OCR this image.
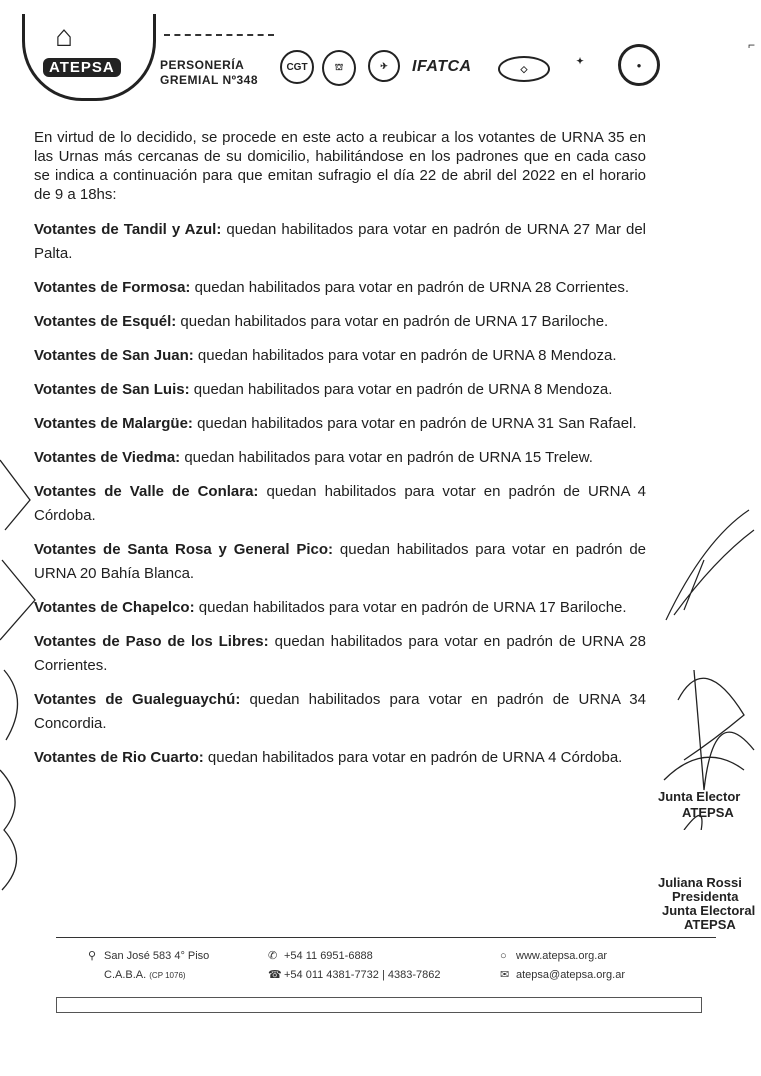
⌂
ATEPSA	PERSONERÍA
GREMIAL Nº348
CGT	⛫	✈	IFATCA	◇
✦	●
⌐

En virtud de lo decidido, se procede en este acto a reubicar a los votantes de URNA 35 en las Urnas más cercanas de su domicilio, habilitándose en los padrones que en cada caso se indica a continuación para que emitan sufragio el día 22 de abril del 2022 en el horario de 9 a 18hs:

Votantes de Tandil y Azul: quedan habilitados para votar en padrón de URNA 27 Mar del Palta.

Votantes de Formosa: quedan habilitados para votar en padrón de URNA 28 Corrientes.

Votantes de Esquél: quedan habilitados para votar en padrón de URNA 17 Bariloche.

Votantes de San Juan: quedan habilitados para votar en padrón de URNA 8 Mendoza.

Votantes de San Luis: quedan habilitados para votar en padrón de URNA 8 Mendoza.

Votantes de Malargüe: quedan habilitados para votar en padrón de URNA 31 San Rafael.

Votantes de Viedma: quedan habilitados para votar en padrón de URNA 15 Trelew.

Votantes de Valle de Conlara: quedan habilitados para votar en padrón de URNA 4 Córdoba.

Votantes de Santa Rosa y General Pico: quedan habilitados para votar en padrón de URNA 20 Bahía Blanca.

Votantes de Chapelco: quedan habilitados para votar en padrón de URNA 17 Bariloche.

Votantes de Paso de los Libres: quedan habilitados para votar en padrón de URNA 28 Corrientes.

Votantes de Gualeguaychú: quedan habilitados para votar en padrón de URNA 34 Concordia.

Votantes de Rio Cuarto: quedan habilitados para votar en padrón de URNA 4 Córdoba.

Junta Elector
ATEPSA
Juliana Rossi
Presidenta
Junta Electoral
ATEPSA
⚲ San José 583 4° Piso
C.A.B.A.
(CP 1076)
✆ +54 11 6951-6888
☎ +54 011 4381-7732 | 4383-7862
○ www.atepsa.org.ar
✉ atepsa@atepsa.org.ar
